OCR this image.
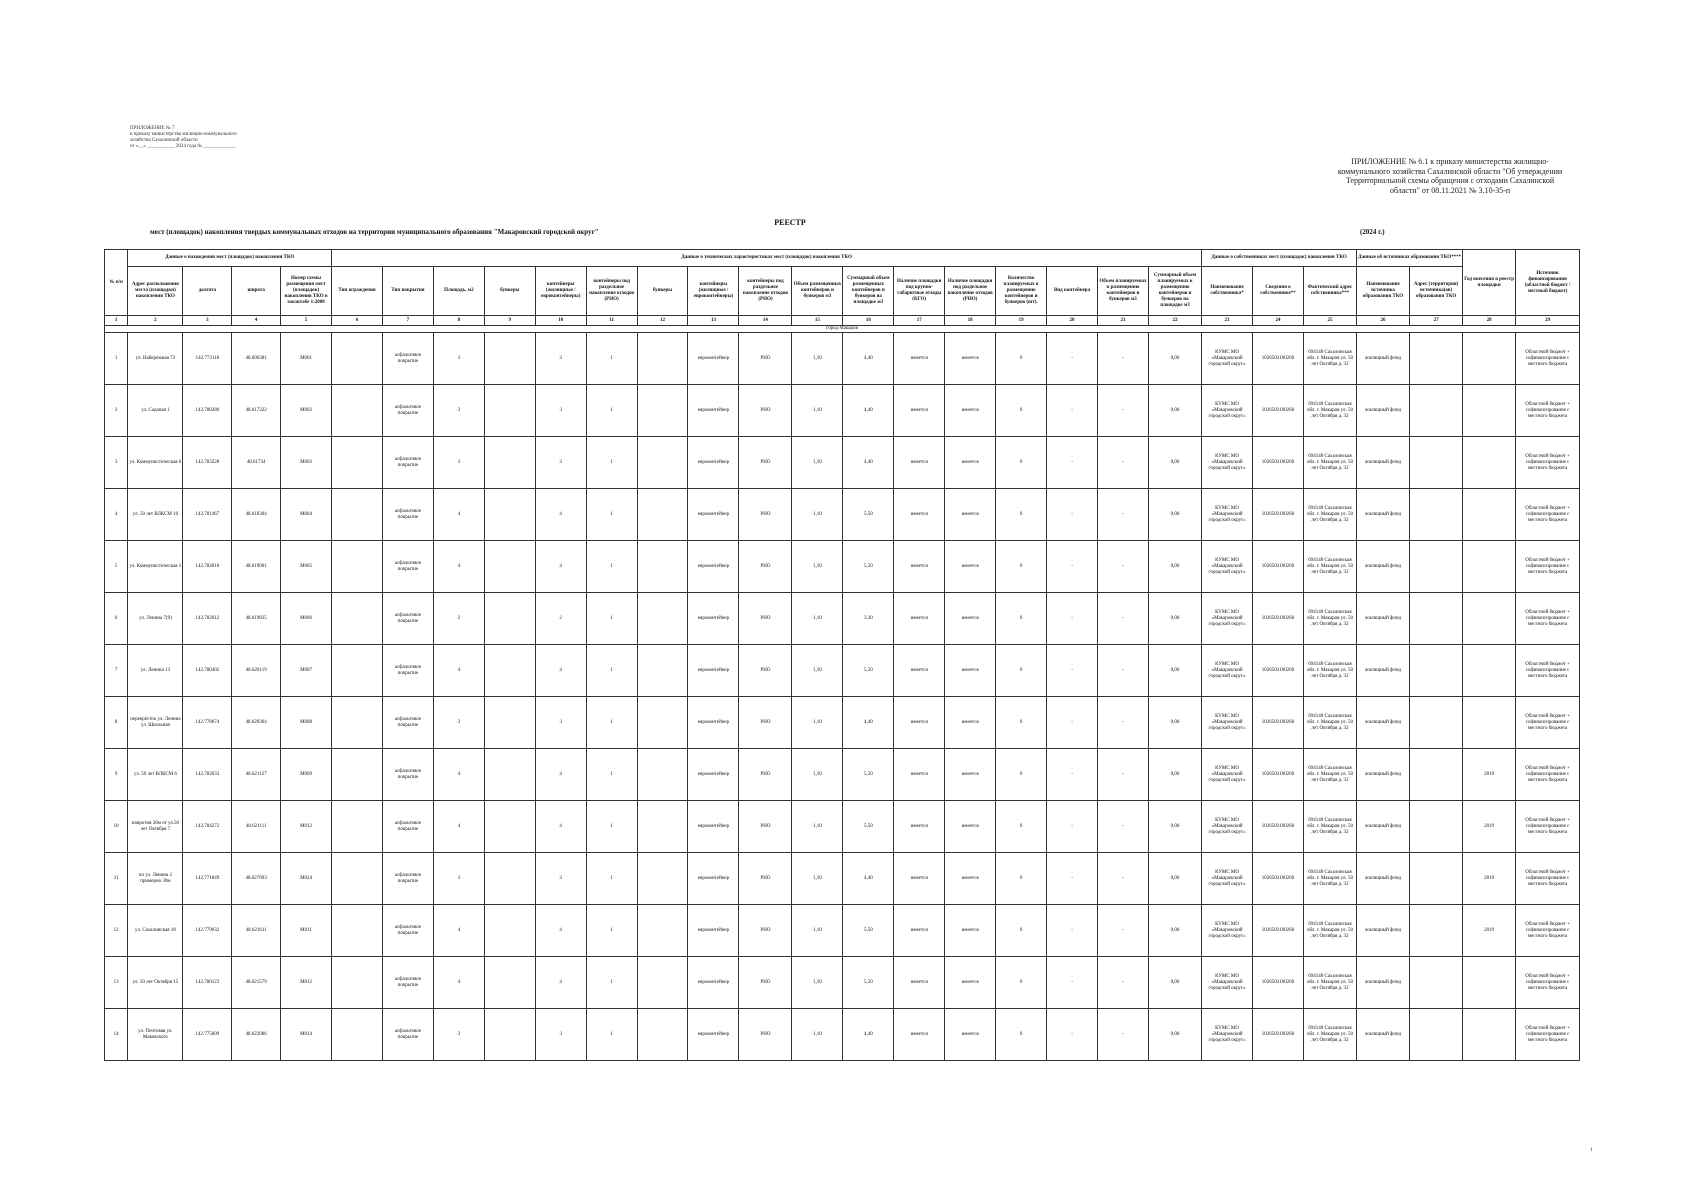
ПРИЛОЖЕНИЕ № 7
к приказу министерства жилищно-коммунального
хозяйства Сахалинской области
от «__» ___________ 2024 года № _____________
ПРИЛОЖЕНИЕ № 6.1 к приказу министерства жилищно-коммунального хозяйства Сахалинской области "Об утверждении Территориальной схемы обращения с отходами Сахалинской области" от 08.11.2021 № 3.10-35-п
РЕЕСТР
мест (площадок) накопления твердых коммунальных отходов на территории муниципального образования "Макаровский городской округ"	(2024 г.)
№ п/п	Данные о нахождении мест (площадок) накопления ТКО				Данные о технических характеристиках мест (площадок) накопления ТКО																	Данные о собственниках мест (площадок) накопления ТКО			Данные об источниках образования ТКО****		Год внесения в реестр площадки	Источник финансирования (областной бюджет / местный бюджет)
	Адрес расположения места (площадки) накопления ТКО	долгота	широта	Номер схемы размещения мест (площадок) накопления ТКО в масштабе 1:2000	Тип ограждения	Тип покрытия	Площадь, м2	бункеры	контейнеры (жилищные / евроконтейнеры)	контейнеры под раздельное накопление отходов (РНО)	бункеры	контейнеры (жилищные / евроконтейнеры)	контейнеры под раздельное накопление отходов (РНО)	Объем размещенных контейнеров и бункеров м3	Суммарный объем размещенных контейнеров и бункеров на площадке м3	Наличие площадки под крупно-габаритные отходы (КГО)	Наличие площадки под раздельное накопление отходов (РНО)	Количество планируемых к размещению контейнеров и бункеров (шт).	Вид контейнера	Объем планируемых к размещению контейнеров и бункеров м3	Суммарный объем планируемых к размещению контейнеров и бункеров на площадке м3	Наименование собственника*	Сведения о собственнике**	Фактический адрес собственника***	Наименование источника образования ТКО	Адрес (территория) источника(ов) образования ТКО		
1	2	3	4	5	6	7	8	9	10	11	12	13	14	15	16	17	18	19	20	21	22	23	24	25	26	27	28	29
город Макаров																												
1	ул. Набережная 72	142.773118	48.606381	М001		асфальтовое покрытие	3		3	1		евроконтейнер	РНО	1,10	4,40	имеется	имеется	0	-	-	0,00	КУМС МО «Макаровский городской округ»	1036503100260	694140 Сахалинская обл. г. Макаров ул. 50 лет Октября д. 32	жилищный фонд			Областной бюджет + софинансирование с местного бюджета
2	ул. Садовая 1	142.780280	48.617322	М002		асфальтовое покрытие	3		3	1		евроконтейнер	РНО	1,10	4,40	имеется	имеется	0	-	-	0,00	КУМС МО «Макаровский городской округ»	1036503100260	694140 Сахалинская обл. г. Макаров ул. 50 лет Октября д. 32	жилищный фонд			Областной бюджет + софинансирование с местного бюджета
3	ул. Коммунистическая 6	142.783228	48.61734	М003		асфальтовое покрытие	3		3	1		евроконтейнер	РНО	1,10	4,40	имеется	имеется	0	-	-	0,00	КУМС МО «Макаровский городской округ»	1036503100260	694140 Сахалинская обл. г. Макаров ул. 50 лет Октября д. 32	жилищный фонд			Областной бюджет + софинансирование с местного бюджета
4	ул. 50 лет ВЛКСМ 10	142.781467	48.618304	М004		асфальтовое покрытие	4		4	1		евроконтейнер	РНО	1,10	5,50	имеется	имеется	0	-	-	0,00	КУМС МО «Макаровский городской округ»	1036503100260	694140 Сахалинская обл. г. Макаров ул. 50 лет Октября д. 32	жилищный фонд			Областной бюджет + софинансирование с местного бюджета
5	ул. Коммунистическая 1	142.784010	48.619001	М005		асфальтовое покрытие	4		4	1		евроконтейнер	РНО	1,10	5,50	имеется	имеется	0	-	-	0,00	КУМС МО «Макаровский городской округ»	1036503100260	694140 Сахалинская обл. г. Макаров ул. 50 лет Октября д. 32	жилищный фонд			Областной бюджет + софинансирование с местного бюджета
6	ул. Ленина 7(9)	142.782612	48.619835	М006		асфальтовое покрытие	2		2	1		евроконтейнер	РНО	1,10	3,30	имеется	имеется	0	-	-	0,00	КУМС МО «Макаровский городской округ»	1036503100260	694140 Сахалинская обл. г. Макаров ул. 50 лет Октября д. 32	жилищный фонд			Областной бюджет + софинансирование с местного бюджета
7	ул. Ленина 13	142.780402	48.620119	М007		асфальтовое покрытие	4		4	1		евроконтейнер	РНО	1,10	5,50	имеется	имеется	0	-	-	0,00	КУМС МО «Макаровский городской округ»	1036503100260	694140 Сахалинская обл. г. Макаров ул. 50 лет Октября д. 32	жилищный фонд			Областной бюджет + софинансирование с местного бюджета
8	перекрёсток ул. Ленина ул. Школьная	142.778674	48.620364	М008		асфальтовое покрытие	3		3	1		евроконтейнер	РНО	1,10	4,40	имеется	имеется	0	-	-	0,00	КУМС МО «Макаровский городской округ»	1036503100260	694140 Сахалинская обл. г. Макаров ул. 50 лет Октября д. 32	жилищный фонд			Областной бюджет + софинансирование с местного бюджета
9	ул. 50 лет ВЛКСМ 6	142.782033	48.621127	М009		асфальтовое покрытие	4		4	1		евроконтейнер	РНО	1,10	5,50	имеется	имеется	0	-	-	0,00	КУМС МО «Макаровский городской округ»	1036503100260	694140 Сахалинская обл. г. Макаров ул. 50 лет Октября д. 32	жилищный фонд		2019	Областной бюджет + софинансирование с местного бюджета
10	напротив 30м от ул.50 лет Октября 7	142.784272	48.621111	М012		асфальтовое покрытие	4		4	1		евроконтейнер	РНО	1,10	5,50	имеется	имеется	0	-	-	0,00	КУМС МО «Макаровский городской округ»	1036503100260	694140 Сахалинская обл. г. Макаров ул. 50 лет Октября д. 32	жилищный фонд		2019	Областной бюджет + софинансирование с местного бюджета
11	по ул. Ленина 2 примерно 30м	142.771849	48.627093	М024		асфальтовое покрытие	3		3	1		евроконтейнер	РНО	1,10	4,40	имеется	имеется	0	-	-	0,00	КУМС МО «Макаровский городской округ»	1036503100260	694140 Сахалинская обл. г. Макаров ул. 50 лет Октября д. 32	жилищный фонд		2019	Областной бюджет + софинансирование с местного бюджета
12	ул. Сахалинская 18	142.779032	48.621611	М011		асфальтовое покрытие	4		4	1		евроконтейнер	РНО	1,10	5,50	имеется	имеется	0	-	-	0,00	КУМС МО «Макаровский городской округ»	1036503100260	694140 Сахалинская обл. г. Макаров ул. 50 лет Октября д. 32	жилищный фонд		2019	Областной бюджет + софинансирование с местного бюджета
13	ул. 50 лет Октября 15	142.780123	48.621579	М012		асфальтовое покрытие	4		4	1		евроконтейнер	РНО	1,10	5,50	имеется	имеется	0	-	-	0,00	КУМС МО «Макаровский городской округ»	1036503100260	694140 Сахалинская обл. г. Макаров ул. 50 лет Октября д. 32	жилищный фонд			Областной бюджет + софинансирование с местного бюджета
14	ул. Почтовая ул. Маковского	142.775609	48.622086	М014		асфальтовое покрытие	3		3	1		евроконтейнер	РНО	1,10	4,40	имеется	имеется	0	-	-	0,00	КУМС МО «Макаровский городской округ»	1036503100260	694140 Сахалинская обл. г. Макаров ул. 50 лет Октября д. 32	жилищный фонд			Областной бюджет + софинансирование с местного бюджета
1
